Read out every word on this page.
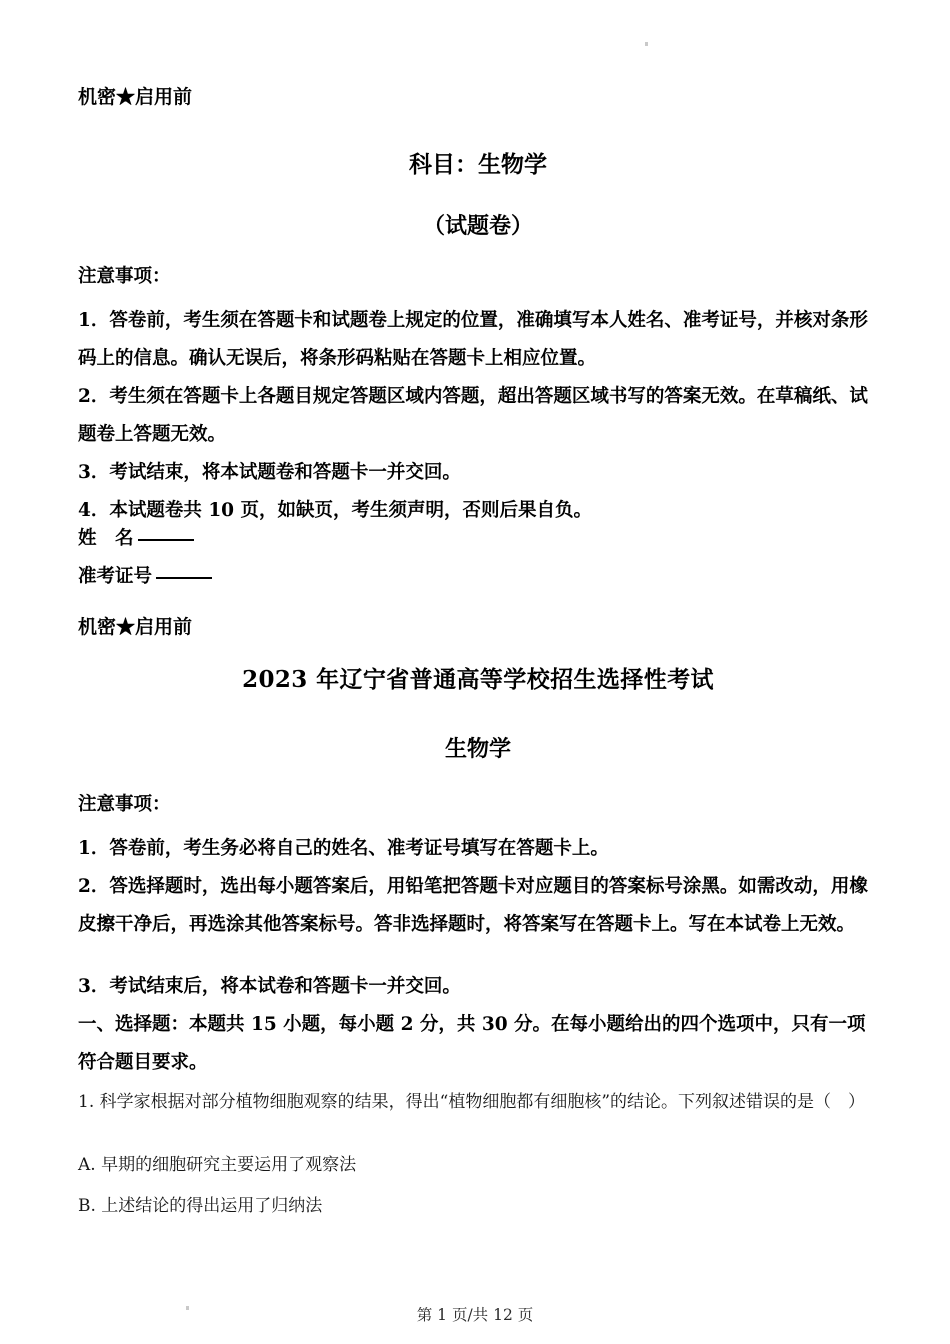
机密★启用前
科目：生物学
（试题卷）
注意事项：
1．答卷前，考生须在答题卡和试题卷上规定的位置，准确填写本人姓名、准考证号，并核对条形码上的信息。确认无误后，将条形码粘贴在答题卡上相应位置。
2．考生须在答题卡上各题目规定答题区域内答题，超出答题区域书写的答案无效。在草稿纸、试题卷上答题无效。
3．考试结束，将本试题卷和答题卡一并交回。
4．本试题卷共 10 页，如缺页，考生须声明，否则后果自负。
姓　名
准考证号
机密★启用前
2023 年辽宁省普通高等学校招生选择性考试
生物学
注意事项：
1．答卷前，考生务必将自己的姓名、准考证号填写在答题卡上。
2．答选择题时，选出每小题答案后，用铅笔把答题卡对应题目的答案标号涂黑。如需改动，用橡皮擦干净后，再选涂其他答案标号。答非选择题时，将答案写在答题卡上。写在本试卷上无效。
3．考试结束后，将本试卷和答题卡一并交回。
一、选择题：本题共 15 小题，每小题 2 分，共 30 分。在每小题给出的四个选项中，只有一项符合题目要求。
1. 科学家根据对部分植物细胞观察的结果，得出“植物细胞都有细胞核”的结论。下列叙述错误的是（　）
A. 早期的细胞研究主要运用了观察法
B. 上述结论的得出运用了归纳法
第 1 页/共 12 页
